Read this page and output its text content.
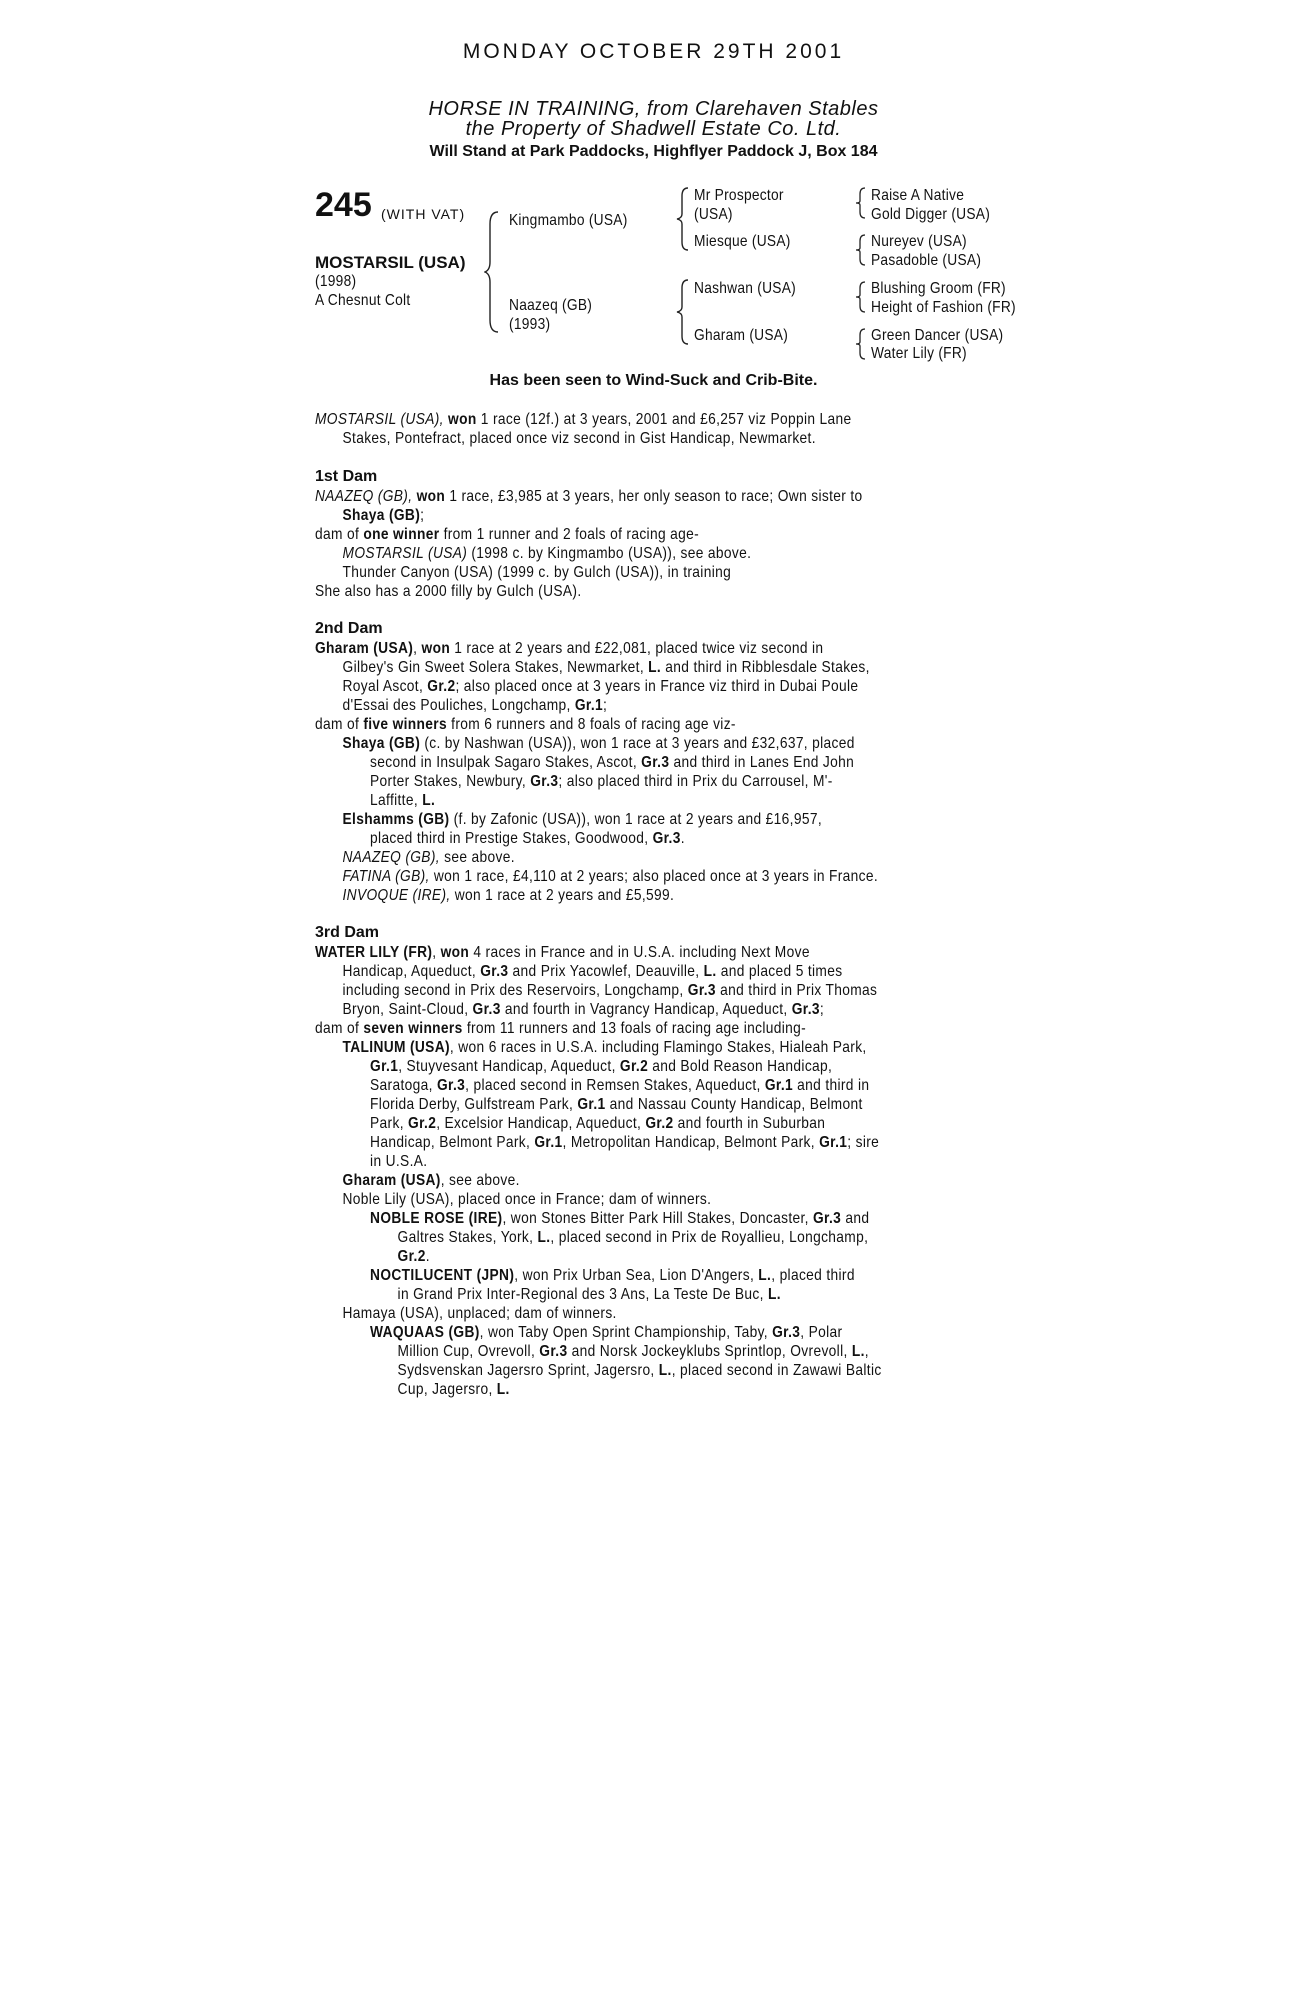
MONDAY OCTOBER 29TH 2001
HORSE IN TRAINING, from Clarehaven Stables
the Property of Shadwell Estate Co. Ltd.
Will Stand at Park Paddocks, Highflyer Paddock J, Box 184
245 (WITH VAT)
MOSTARSIL (USA)
(1998)
A Chesnut Colt
Kingmambo (USA)
Naazeq (GB)
(1993)
Mr Prospector
(USA)
Miesque (USA)
Nashwan (USA)
Gharam (USA)
Raise A Native
Gold Digger (USA)
Nureyev (USA)
Pasadoble (USA)
Blushing Groom (FR)
Height of Fashion (FR)
Green Dancer (USA)
Water Lily (FR)
Has been seen to Wind-Suck and Crib-Bite.

MOSTARSIL (USA), won 1 race (12f.) at 3 years, 2001 and £6,257 viz Poppin Lane

Stakes, Pontefract, placed once viz second in Gist Handicap, Newmarket.

1st Dam

NAAZEQ (GB), won 1 race, £3,985 at 3 years, her only season to race; Own sister to

Shaya (GB);

dam of one winner from 1 runner and 2 foals of racing age-

MOSTARSIL (USA) (1998 c. by Kingmambo (USA)), see above.

Thunder Canyon (USA) (1999 c. by Gulch (USA)), in training

She also has a 2000 filly by Gulch (USA).

2nd Dam

Gharam (USA), won 1 race at 2 years and £22,081, placed twice viz second in

Gilbey's Gin Sweet Solera Stakes, Newmarket, L. and third in Ribblesdale Stakes,

Royal Ascot, Gr.2; also placed once at 3 years in France viz third in Dubai Poule

d'Essai des Pouliches, Longchamp, Gr.1;

dam of five winners from 6 runners and 8 foals of racing age viz-

Shaya (GB) (c. by Nashwan (USA)), won 1 race at 3 years and £32,637, placed

second in Insulpak Sagaro Stakes, Ascot, Gr.3 and third in Lanes End John

Porter Stakes, Newbury, Gr.3; also placed third in Prix du Carrousel, M'-

Laffitte, L.

Elshamms (GB) (f. by Zafonic (USA)), won 1 race at 2 years and £16,957,

placed third in Prestige Stakes, Goodwood, Gr.3.

NAAZEQ (GB), see above.

FATINA (GB), won 1 race, £4,110 at 2 years; also placed once at 3 years in France.

INVOQUE (IRE), won 1 race at 2 years and £5,599.

3rd Dam

WATER LILY (FR), won 4 races in France and in U.S.A. including Next Move

Handicap, Aqueduct, Gr.3 and Prix Yacowlef, Deauville, L. and placed 5 times

including second in Prix des Reservoirs, Longchamp, Gr.3 and third in Prix Thomas

Bryon, Saint-Cloud, Gr.3 and fourth in Vagrancy Handicap, Aqueduct, Gr.3;

dam of seven winners from 11 runners and 13 foals of racing age including-

TALINUM (USA), won 6 races in U.S.A. including Flamingo Stakes, Hialeah Park,

Gr.1, Stuyvesant Handicap, Aqueduct, Gr.2 and Bold Reason Handicap,

Saratoga, Gr.3, placed second in Remsen Stakes, Aqueduct, Gr.1 and third in

Florida Derby, Gulfstream Park, Gr.1 and Nassau County Handicap, Belmont

Park, Gr.2, Excelsior Handicap, Aqueduct, Gr.2 and fourth in Suburban

Handicap, Belmont Park, Gr.1, Metropolitan Handicap, Belmont Park, Gr.1; sire

in U.S.A.

Gharam (USA), see above.

Noble Lily (USA), placed once in France; dam of winners.

NOBLE ROSE (IRE), won Stones Bitter Park Hill Stakes, Doncaster, Gr.3 and

Galtres Stakes, York, L., placed second in Prix de Royallieu, Longchamp,

Gr.2.

NOCTILUCENT (JPN), won Prix Urban Sea, Lion D'Angers, L., placed third

in Grand Prix Inter-Regional des 3 Ans, La Teste De Buc, L.

Hamaya (USA), unplaced; dam of winners.

WAQUAAS (GB), won Taby Open Sprint Championship, Taby, Gr.3, Polar

Million Cup, Ovrevoll, Gr.3 and Norsk Jockeyklubs Sprintlop, Ovrevoll, L.,

Sydsvenskan Jagersro Sprint, Jagersro, L., placed second in Zawawi Baltic

Cup, Jagersro, L.
